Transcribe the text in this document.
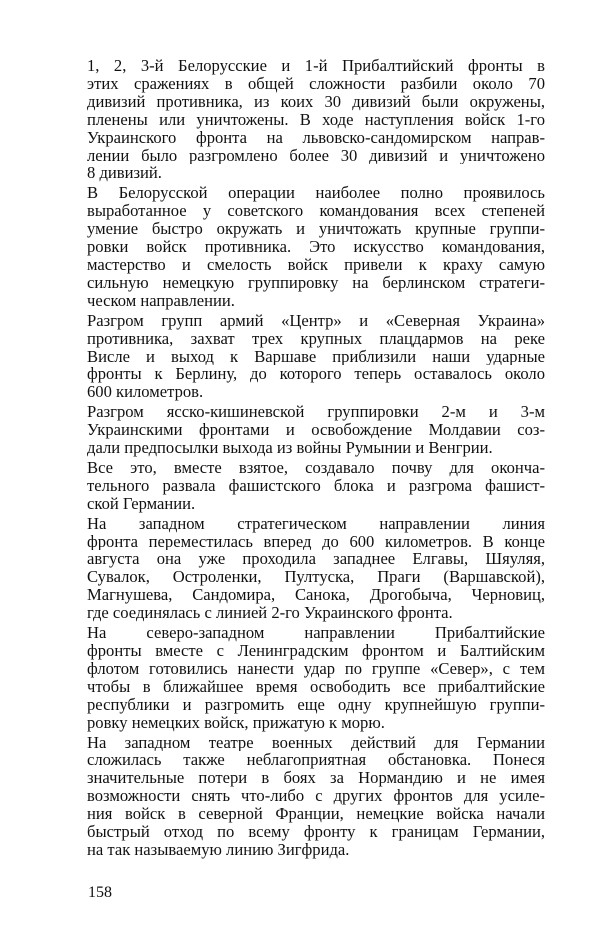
1, 2, 3-й Белорусские и 1-й Прибалтийский фронты в
этих сражениях в общей сложности разбили около 70
дивизий противника, из коих 30 дивизий были окружены,
пленены или уничтожены. В ходе наступления войск 1-го
Украинского фронта на львовско-сандомирском направ-
лении было разгромлено более 30 дивизий и уничтожено
8 дивизий.

В Белорусской операции наиболее полно проявилось
выработанное у советского командования всех степеней
умение быстро окружать и уничтожать крупные группи-
ровки войск противника. Это искусство командования,
мастерство и смелость войск привели к краху самую
сильную немецкую группировку на берлинском стратеги-
ческом направлении.

Разгром групп армий «Центр» и «Северная Украина»
противника, захват трех крупных плацдармов на реке
Висле и выход к Варшаве приблизили наши ударные
фронты к Берлину, до которого теперь оставалось около
600 километров.

Разгром ясско-кишиневской группировки 2-м и 3-м
Украинскими фронтами и освобождение Молдавии соз-
дали предпосылки выхода из войны Румынии и Венгрии.

Все это, вместе взятое, создавало почву для оконча-
тельного развала фашистского блока и разгрома фашист-
ской Германии.

На западном стратегическом направлении линия
фронта переместилась вперед до 600 километров. В конце
августа она уже проходила западнее Елгавы, Шяуляя,
Сувалок, Остроленки, Пултуска, Праги (Варшавской),
Магнушева, Сандомира, Санока, Дрогобыча, Черновиц,
где соединялась с линией 2-го Украинского фронта.

На северо-западном направлении Прибалтийские
фронты вместе с Ленинградским фронтом и Балтийским
флотом готовились нанести удар по группе «Север», с тем
чтобы в ближайшее время освободить все прибалтийские
республики и разгромить еще одну крупнейшую группи-
ровку немецких войск, прижатую к морю.

На западном театре военных действий для Германии
сложилась также неблагоприятная обстановка. Понеся
значительные потери в боях за Нормандию и не имея
возможности снять что-либо с других фронтов для усиле-
ния войск в северной Франции, немецкие войска начали
быстрый отход по всему фронту к границам Германии,
на так называемую линию Зигфрида.

158
